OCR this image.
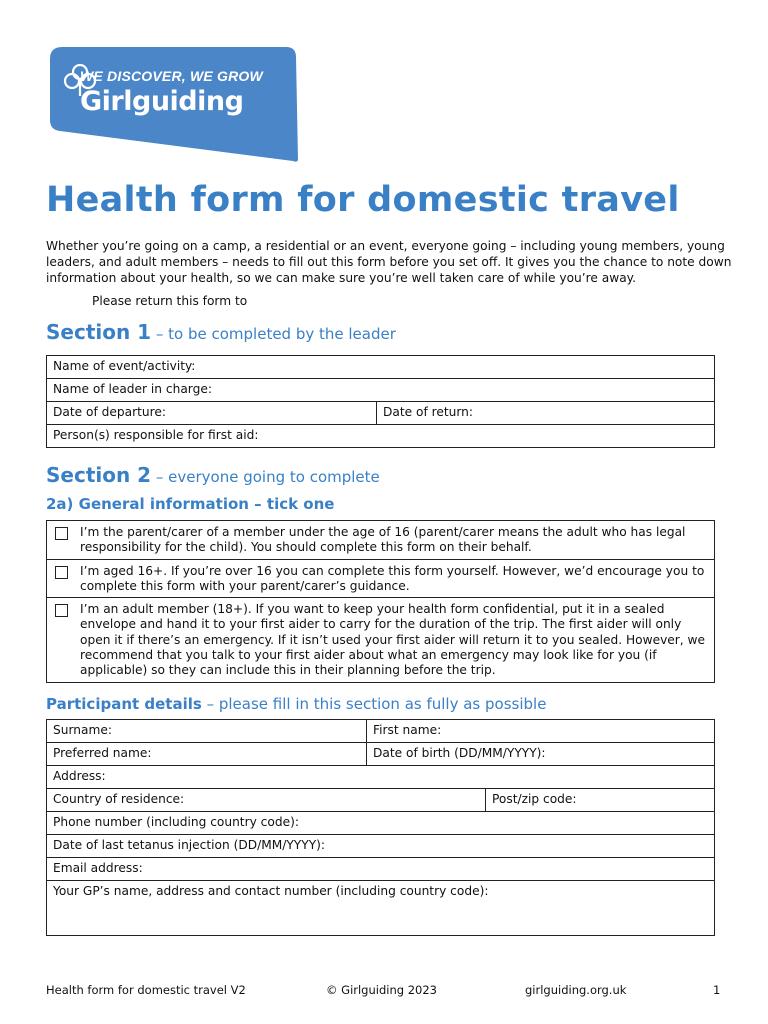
WE DISCOVER, WE GROW
Girlguiding
Health form for domestic travel

Whether you’re going on a camp, a residential or an event, everyone going – including young members, young leaders, and adult members – needs to fill out this form before you set off. It gives you the chance to note down information about your health, so we can make sure you’re well taken care of while you’re away.

Please return this form to
Section 1 – to be completed by the leader
Name of event/activity:
Name of leader in charge:
Date of departure:	Date of return:
Person(s) responsible for first aid:
Section 2 – everyone going to complete
2a) General information – tick one
I’m the parent/carer of a member under the age of 16 (parent/carer means the adult who has legal responsibility for the child). You should complete this form on their behalf.
I’m aged 16+. If you’re over 16 you can complete this form yourself. However, we’d encourage you to complete this form with your parent/carer’s guidance.
I’m an adult member (18+). If you want to keep your health form confidential, put it in a sealed envelope and hand it to your first aider to carry for the duration of the trip. The first aider will only open it if there’s an emergency. If it isn’t used your first aider will return it to you sealed. However, we recommend that you talk to your first aider about what an emergency may look like for you (if applicable) so they can include this in their planning before the trip.
Participant details – please fill in this section as fully as possible
Surname:	First name:	
Preferred name:	Date of birth (DD/MM/YYYY):	
Address:		
Country of residence:		Post/zip code:
Phone number (including country code):		
Date of last tetanus injection (DD/MM/YYYY):		
Email address:		
Your GP’s name, address and contact number (including country code):		
Health form for domestic travel V2	© Girlguiding 2023	girlguiding.org.uk	1
